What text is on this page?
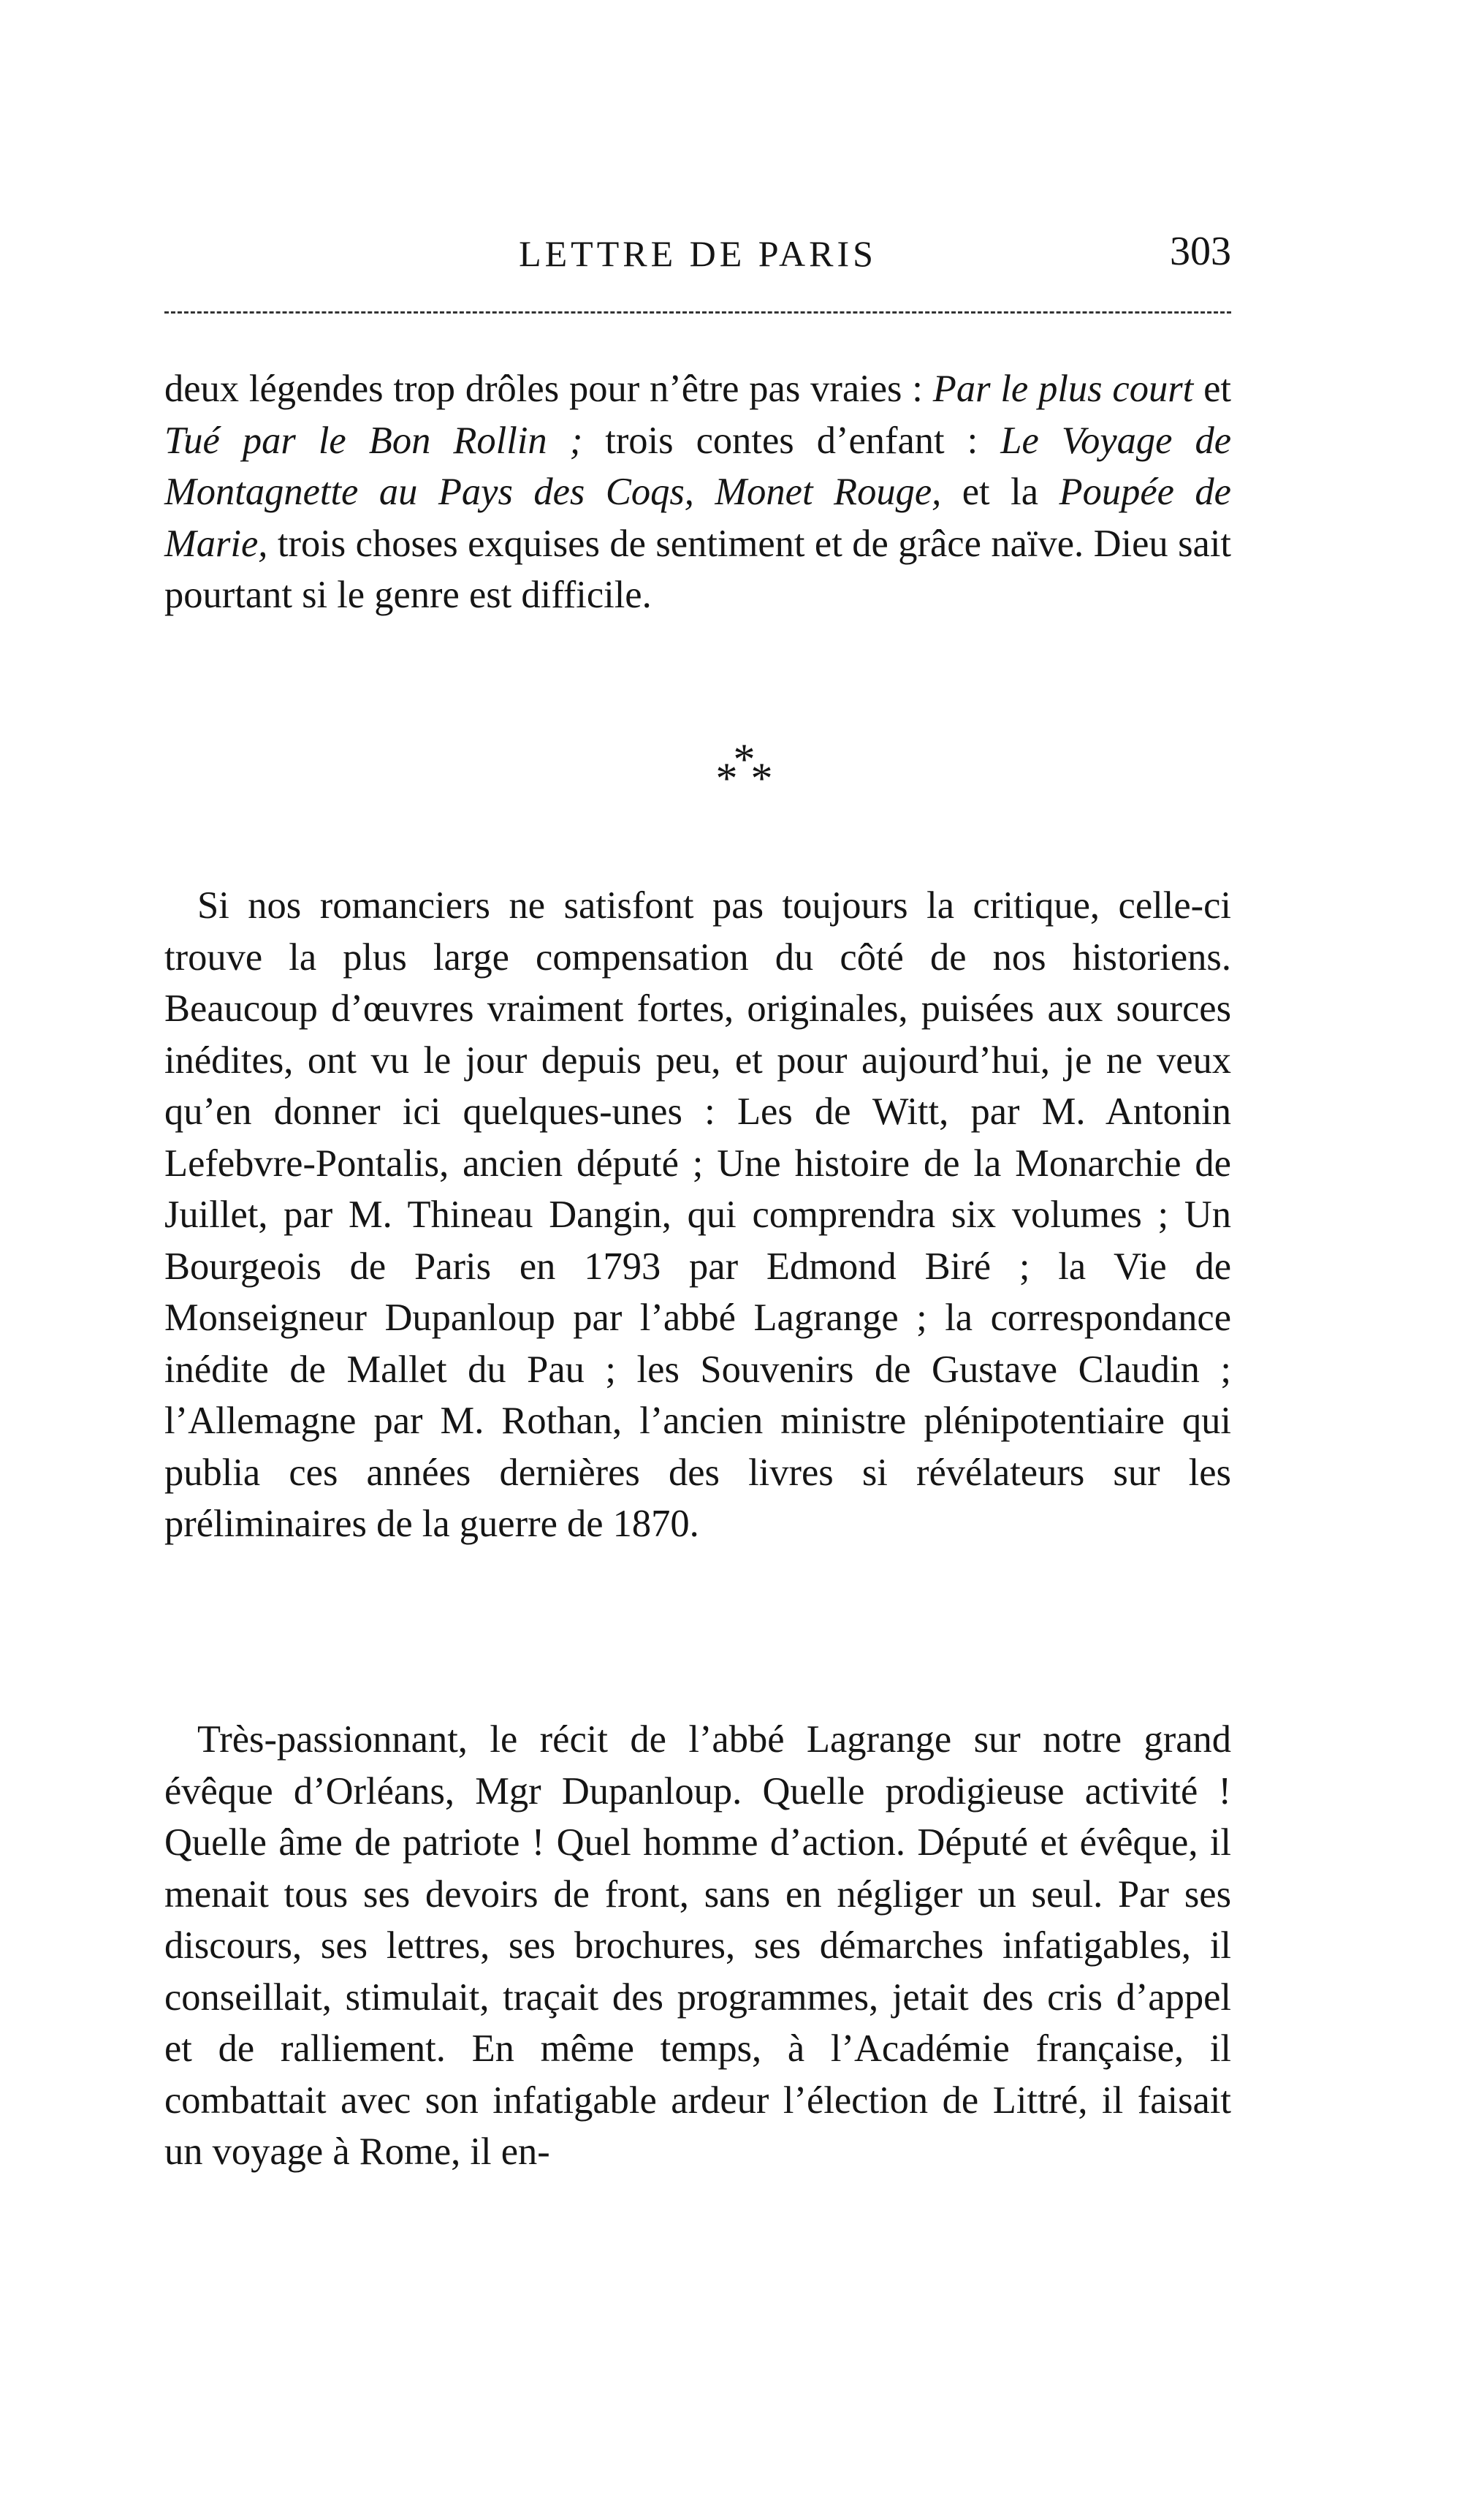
LETTRE DE PARIS	303

deux légendes trop drôles pour n’être pas vraies : Par le plus court et Tué par le Bon Rollin ; trois contes d’enfant : Le Voyage de Montagnette au Pays des Coqs, Monet Rouge, et la Poupée de Marie, trois choses exquises de sentiment et de grâce naïve. Dieu sait pourtant si le genre est difficile.

***

Si nos romanciers ne satisfont pas toujours la critique, celle-ci trouve la plus large compensation du côté de nos historiens. Beaucoup d’œuvres vraiment fortes, originales, puisées aux sources inédites, ont vu le jour depuis peu, et pour aujourd’hui, je ne veux qu’en donner ici quelques-unes : Les de Witt, par M. Antonin Lefebvre-Pontalis, ancien député ; Une histoire de la Monarchie de Juillet, par M. Thineau Dangin, qui comprendra six volumes ; Un Bourgeois de Paris en 1793 par Edmond Biré ; la Vie de Monseigneur Dupanloup par l’abbé Lagrange ; la correspondance inédite de Mallet du Pau ; les Souvenirs de Gustave Claudin ; l’Allemagne par M. Rothan, l’ancien ministre plénipotentiaire qui publia ces années dernières des livres si révélateurs sur les préliminaires de la guerre de 1870.

Très-passionnant, le récit de l’abbé Lagrange sur notre grand évêque d’Orléans, Mgr Dupanloup. Quelle prodigieuse activité ! Quelle âme de patriote ! Quel homme d’action. Député et évêque, il menait tous ses devoirs de front, sans en négliger un seul. Par ses discours, ses lettres, ses brochures, ses démarches infatigables, il conseillait, stimulait, traçait des programmes, jetait des cris d’appel et de ralliement. En même temps, à l’Académie française, il combattait avec son infatigable ardeur l’élection de Littré, il faisait un voyage à Rome, il en-
